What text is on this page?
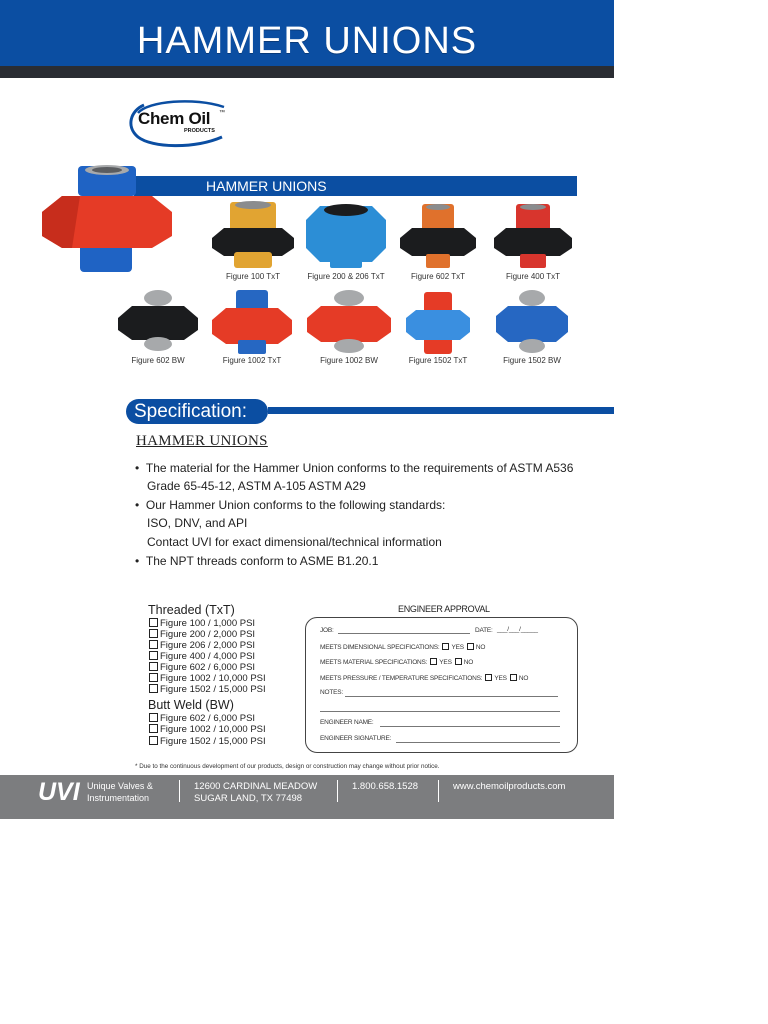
HAMMER UNIONS
Chem Oil ™
PRODUCTS
HAMMER UNIONS
Figure 100 TxT	Figure 200 & 206 TxT	Figure 602 TxT	Figure 400 TxT
Figure 602 BW	Figure 1002 TxT	Figure 1002 BW	Figure 1502 TxT	Figure 1502 BW
Specification:
HAMMER UNIONS
•  The material for the Hammer Union conforms to the requirements of ASTM A536
Grade 65-45-12, ASTM A-105 ASTM A29
•  Our Hammer Union conforms to the following standards:
ISO, DNV, and API
Contact UVI for exact dimensional/technical information
•  The NPT threads conform to ASME B1.20.1
Threaded (TxT)
Figure 100 / 1,000 PSI
Figure 200 / 2,000 PSI
Figure 206 / 2,000 PSI
Figure 400 / 4,000 PSI
Figure 602 / 6,000 PSI
Figure 1002 / 10,000 PSI
Figure 1502 / 15,000 PSI
Butt Weld (BW)
Figure 602 / 6,000 PSI
Figure 1002 / 10,000 PSI
Figure 1502 / 15,000 PSI
ENGINEER APPROVAL
JOB:	DATE: ___/___/_____
MEETS DIMENSIONAL SPECIFICATIONS: YES NO
MEETS MATERIAL SPECIFICATIONS: YES NO
MEETS PRESSURE / TEMPERATURE SPECIFICATIONS: YES NO
NOTES:
ENGINEER NAME:
ENGINEER SIGNATURE:
* Due to the continuous development of our products, design or construction may change without prior notice.
UVI Unique Valves &
Instrumentation
12600 CARDINAL MEADOW
SUGAR LAND, TX 77498
1.800.658.1528	www.chemoilproducts.com
